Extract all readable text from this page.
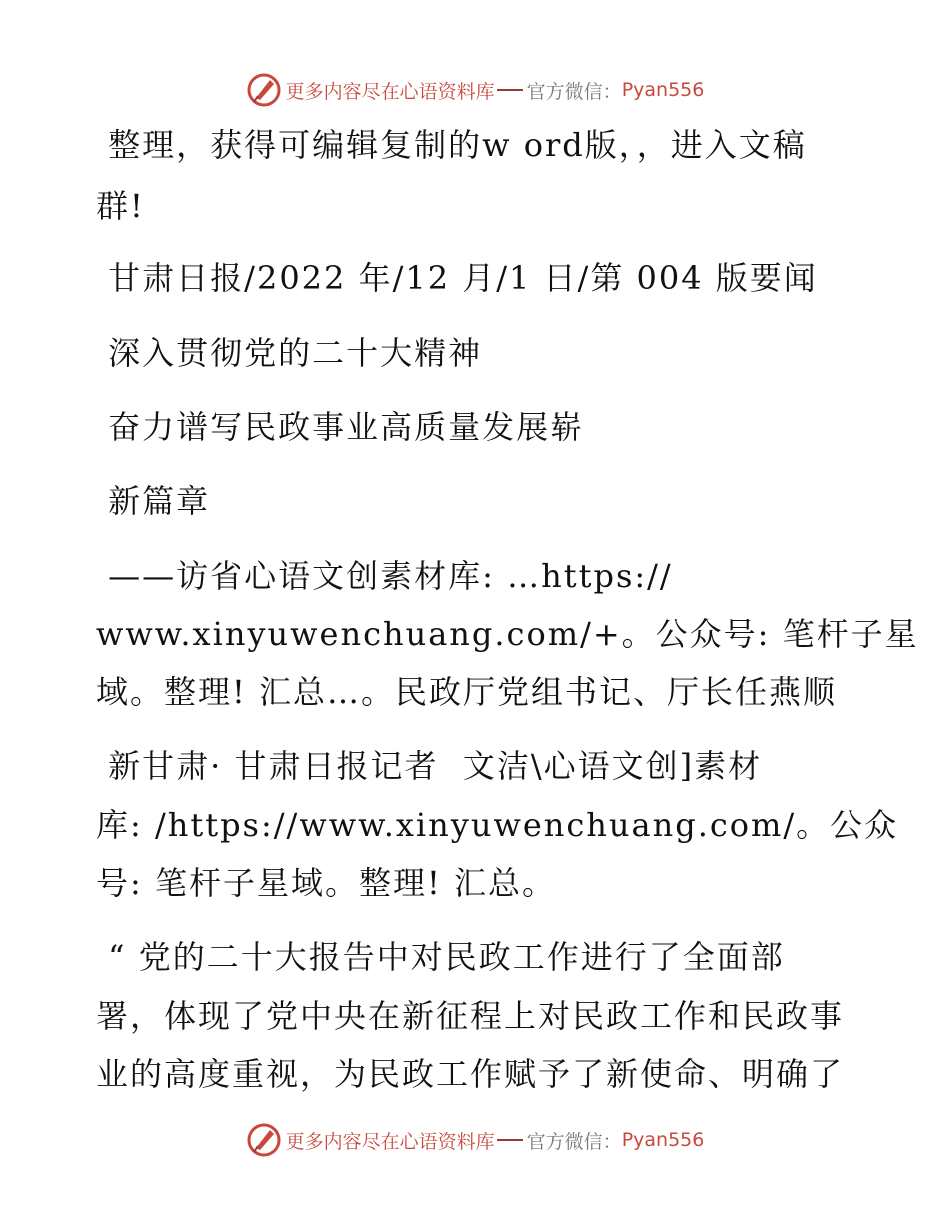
更多内容尽在心语资料库 官方微信： Pyan556
整理，获得可编辑复制的w ord版，，进入文稿
群!
甘肃日报/2022 年/12 月/1 日/第 004 版要闻
深入贯彻党的二十大精神
奋力谱写民政事业高质量发展崭
新篇章
——访省心语文创素材库: …https://
www.xinyuwenchuang.com/+。公众号: 笔杆子星
域。整理! 汇总…。民政厅党组书记、厅长任燕顺
新甘肃· 甘肃日报记者  文洁\心语文创]素材
库: /https://www.xinyuwenchuang.com/。公众
号: 笔杆子星域。整理! 汇总。
“ 党的二十大报告中对民政工作进行了全面部
署，体现了党中央在新征程上对民政工作和民政事
业的高度重视，为民政工作赋予了新使命、明确了
更多内容尽在心语资料库 官方微信： Pyan556
